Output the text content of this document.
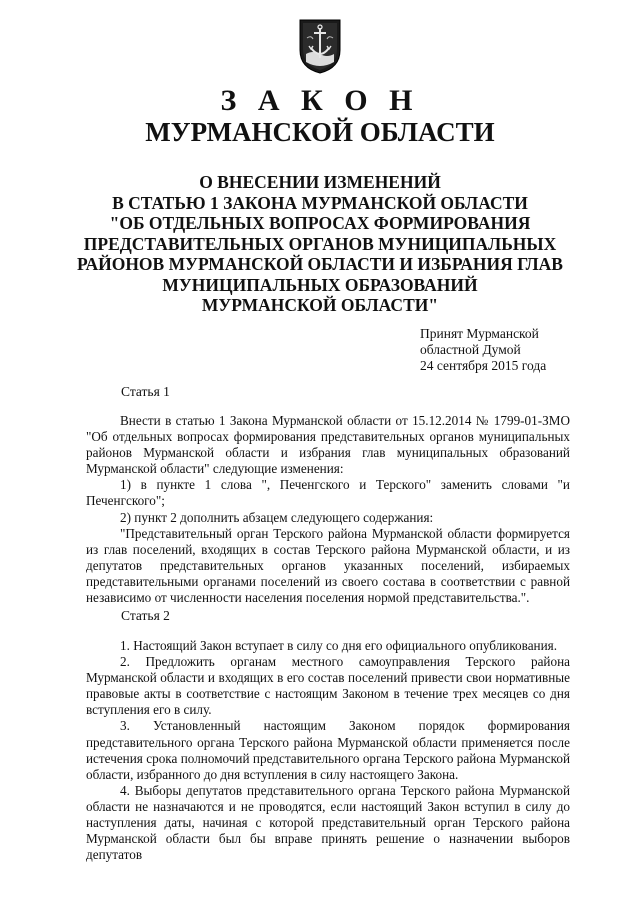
З А К О Н
МУРМАНСКОЙ ОБЛАСТИ
О ВНЕСЕНИИ ИЗМЕНЕНИЙ
В СТАТЬЮ 1 ЗАКОНА МУРМАНСКОЙ ОБЛАСТИ
"ОБ ОТДЕЛЬНЫХ ВОПРОСАХ ФОРМИРОВАНИЯ
ПРЕДСТАВИТЕЛЬНЫХ ОРГАНОВ МУНИЦИПАЛЬНЫХ
РАЙОНОВ МУРМАНСКОЙ ОБЛАСТИ И ИЗБРАНИЯ ГЛАВ
МУНИЦИПАЛЬНЫХ ОБРАЗОВАНИЙ
МУРМАНСКОЙ ОБЛАСТИ"
Принят Мурманской
областной Думой
24 сентября 2015 года
Статья 1

Внести в статью 1 Закона Мурманской области от 15.12.2014 № 1799-01-ЗМО "Об отдельных вопросах формирования представительных органов муниципальных районов Мурманской области и избрания глав муниципальных образований Мурманской области" следующие изменения:

1) в пункте 1 слова ", Печенгского и Терского" заменить словами "и Печенгского";

2) пункт 2 дополнить абзацем следующего содержания:

"Представительный орган Терского района Мурманской области формируется из глав поселений, входящих в состав Терского района Мурманской области, и из депутатов представительных органов указанных поселений, избираемых представительными органами поселений из своего состава в соответствии с равной независимо от численности населения поселения нормой представительства.".

Статья 2

1. Настоящий Закон вступает в силу со дня его официального опубликования.

2. Предложить органам местного самоуправления Терского района Мурманской области и входящих в его состав поселений привести свои нормативные правовые акты в соответствие с настоящим Законом в течение трех месяцев со дня вступления его в силу.

3. Установленный настоящим Законом порядок формирования представительного органа Терского района Мурманской области применяется после истечения срока полномочий представительного органа Терского района Мурманской области, избранного до дня вступления в силу настоящего Закона.

4. Выборы депутатов представительного органа Терского района Мурманской области не назначаются и не проводятся, если настоящий Закон вступил в силу до наступления даты, начиная с которой представительный орган Терского района Мурманской области был бы вправе принять решение о назначении выборов депутатов
